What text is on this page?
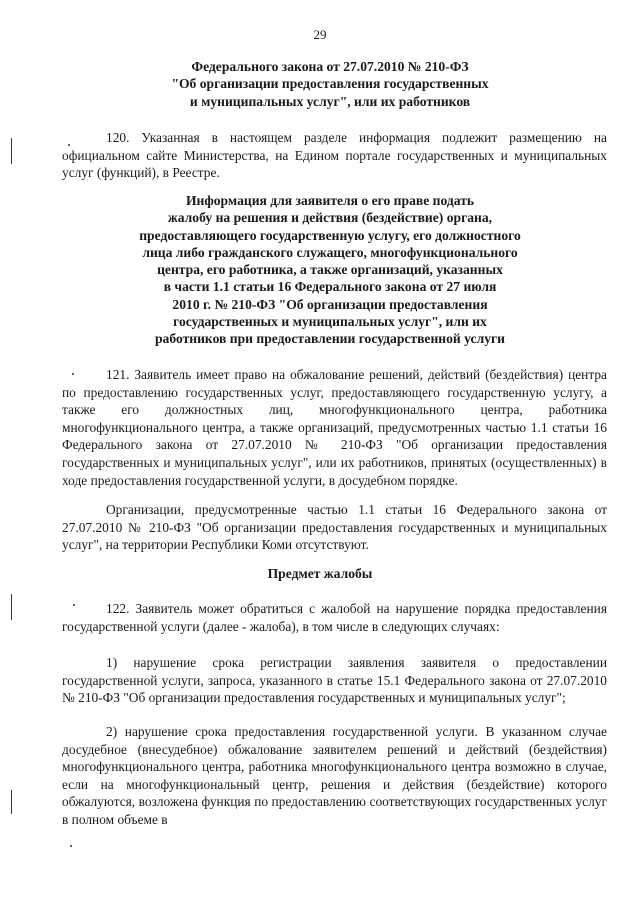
29
Федерального закона от 27.07.2010 № 210-ФЗ
"Об организации предоставления государственных
и муниципальных услуг", или их работников
120. Указанная в настоящем разделе информация подлежит размещению на официальном сайте Министерства, на Едином портале государственных и муниципальных услуг (функций), в Реестре.
Информация для заявителя о его праве подать
жалобу на решения и действия (бездействие) органа,
предоставляющего государственную услугу, его должностного
лица либо гражданского служащего, многофункционального
центра, его работника, а также организаций, указанных
в части 1.1 статьи 16 Федерального закона от 27 июля
2010 г. № 210-ФЗ "Об организации предоставления
государственных и муниципальных услуг", или их
работников при предоставлении государственной услуги
121. Заявитель имеет право на обжалование решений, действий (бездействия) центра по предоставлению государственных услуг, предоставляющего государственную услугу, а также его должностных лиц, многофункционального центра, работника многофункционального центра, а также организаций, предусмотренных частью 1.1 статьи 16 Федерального закона от 27.07.2010 № 210-ФЗ "Об организации предоставления государственных и муниципальных услуг", или их работников, принятых (осуществленных) в ходе предоставления государственной услуги, в досудебном порядке.
Организации, предусмотренные частью 1.1 статьи 16 Федерального закона от 27.07.2010 № 210-ФЗ "Об организации предоставления государственных и муниципальных услуг", на территории Республики Коми отсутствуют.
Предмет жалобы
122. Заявитель может обратиться с жалобой на нарушение порядка предоставления государственной услуги (далее - жалоба), в том числе в следующих случаях:
1) нарушение срока регистрации заявления заявителя о предоставлении государственной услуги, запроса, указанного в статье 15.1 Федерального закона от 27.07.2010 № 210-ФЗ "Об организации предоставления государственных и муниципальных услуг";
2) нарушение срока предоставления государственной услуги. В указанном случае досудебное (внесудебное) обжалование заявителем решений и действий (бездействия) многофункционального центра, работника многофункционального центра возможно в случае, если на многофункциональный центр, решения и действия (бездействие) которого обжалуются, возложена функция по предоставлению соответствующих государственных услуг в полном объеме в
